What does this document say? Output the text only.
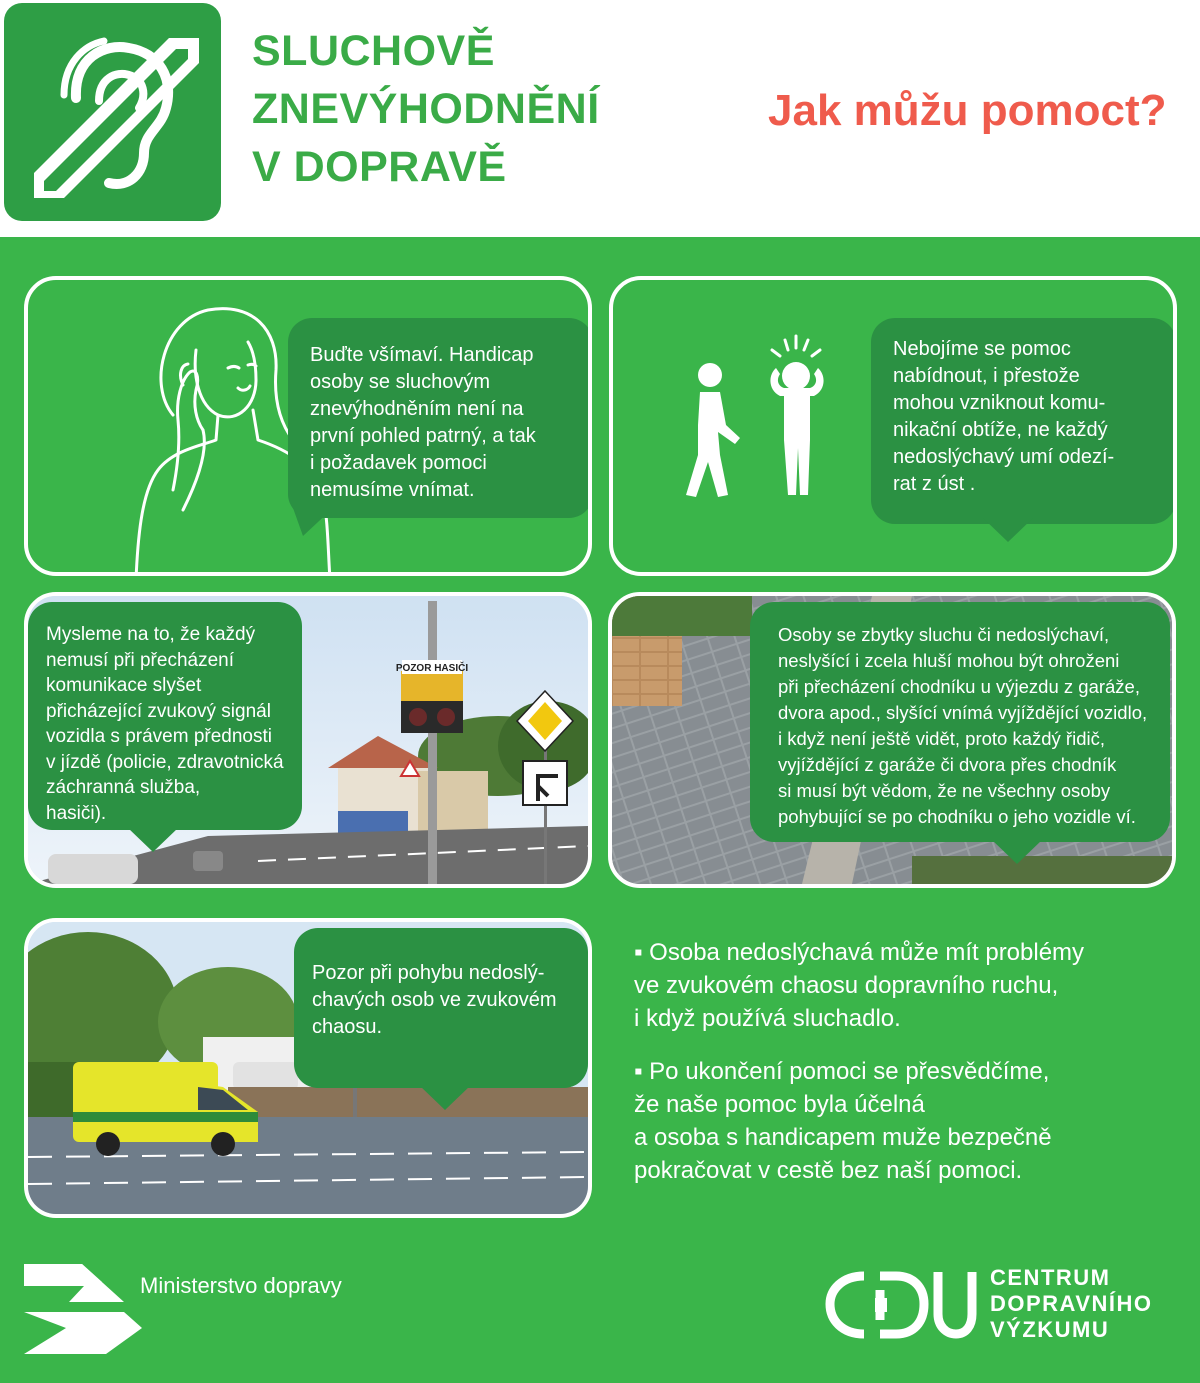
SLUCHOVĚ
ZNEVÝHODNĚNÍ
V DOPRAVĚ
Jak můžu pomoct?
Buďte všímaví. Handicap
osoby se sluchovým
znevýhodněním není na
první pohled patrný, a tak
i požadavek pomoci
nemusíme vnímat.
Nebojíme se pomoc
nabídnout, i přestože
mohou vzniknout komu-
nikační obtíže, ne každý
nedoslýchavý umí odezí-
rat z úst .
POZOR HASIČI
Mysleme na to, že každý
nemusí při přecházení
komunikace slyšet
přicházející zvukový signál
vozidla s právem přednosti
v jízdě (policie, zdravotnická
záchranná služba,
hasiči).
Osoby se zbytky sluchu či nedoslýchaví,
neslyšící i zcela hluší mohou být ohroženi
při přecházení chodníku u výjezdu z garáže,
dvora apod., slyšící vnímá vyjíždějící vozidlo,
i když není ještě vidět, proto každý řidič,
vyjíždějící z garáže či dvora přes chodník
si musí být vědom, že ne všechny osoby
pohybující se po chodníku o jeho vozidle ví.
Pozor při pohybu nedoslý-
chavých osob ve zvukovém
chaosu.

▪ Osoba nedoslýchavá může mít problémy
ve zvukovém chaosu dopravního ruchu,
i když používá sluchadlo.

▪ Po ukončení pomoci se přesvědčíme,
že naše pomoc byla účelná
a osoba s handicapem muže bezpečně
pokračovat v cestě bez naší pomoci.

Ministerstvo dopravy	CENTRUM
DOPRAVNÍHO
VÝZKUMU
